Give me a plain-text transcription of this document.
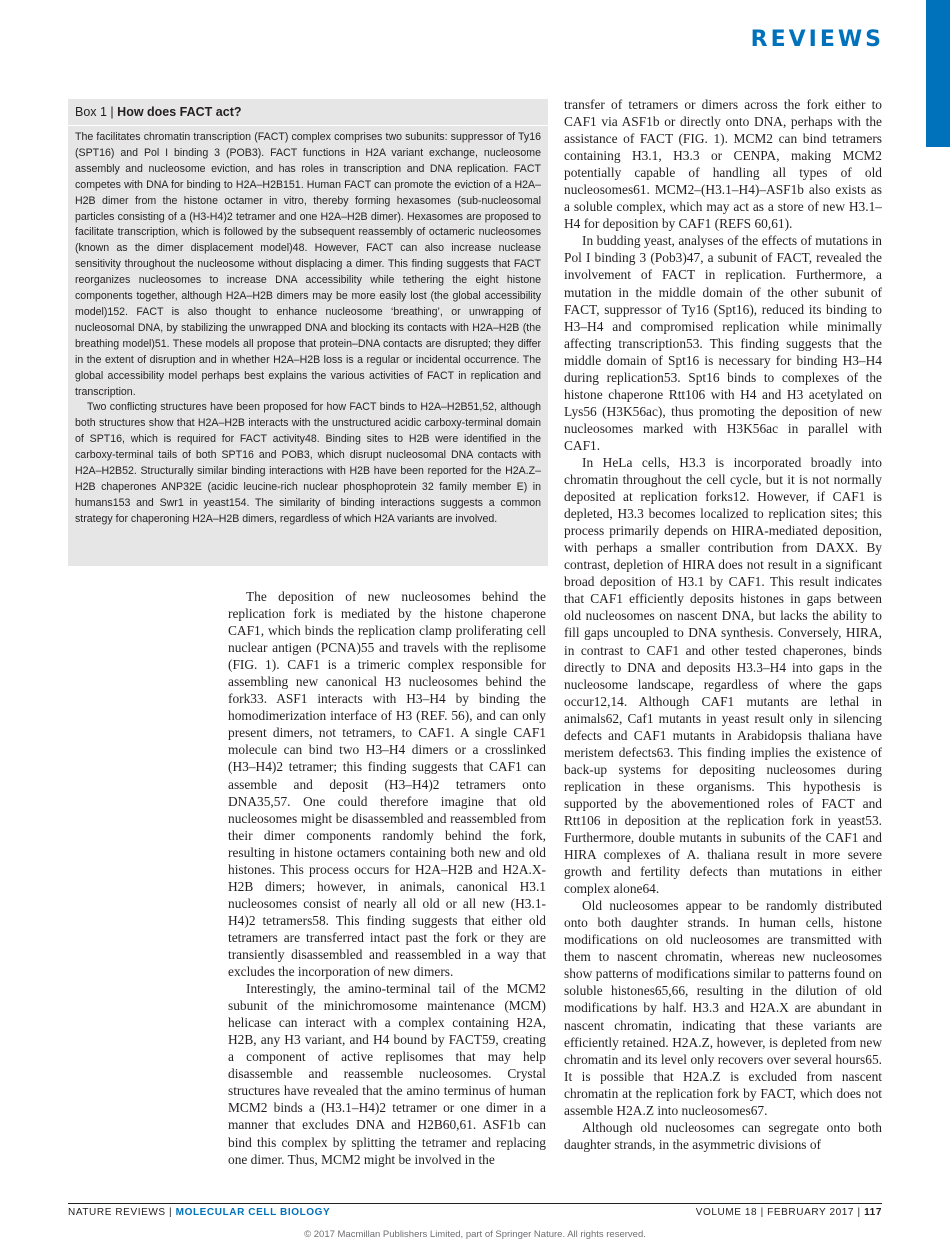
REVIEWS
Box 1 | How does FACT act?

The facilitates chromatin transcription (FACT) complex comprises two subunits: suppressor of Ty16 (SPT16) and Pol I binding 3 (POB3). FACT functions in H2A variant exchange, nucleosome assembly and nucleosome eviction, and has roles in transcription and DNA replication. FACT competes with DNA for binding to H2A–H2B151. Human FACT can promote the eviction of a H2A–H2B dimer from the histone octamer in vitro, thereby forming hexasomes (sub-nucleosomal particles consisting of a (H3-H4)2 tetramer and one H2A–H2B dimer). Hexasomes are proposed to facilitate transcription, which is followed by the subsequent reassembly of octameric nucleosomes (known as the dimer displacement model)48. However, FACT can also increase nuclease sensitivity throughout the nucleosome without displacing a dimer. This finding suggests that FACT reorganizes nucleosomes to increase DNA accessibility while tethering the eight histone components together, although H2A–H2B dimers may be more easily lost (the global accessibility model)152. FACT is also thought to enhance nucleosome ‘breathing’, or unwrapping of nucleosomal DNA, by stabilizing the unwrapped DNA and blocking its contacts with H2A–H2B (the breathing model)51. These models all propose that protein–DNA contacts are disrupted; they differ in the extent of disruption and in whether H2A–H2B loss is a regular or incidental occurrence. The global accessibility model perhaps best explains the various activities of FACT in replication and transcription.

Two conflicting structures have been proposed for how FACT binds to H2A–H2B51,52, although both structures show that H2A–H2B interacts with the unstructured acidic carboxy-terminal domain of SPT16, which is required for FACT activity48. Binding sites to H2B were identified in the carboxy-terminal tails of both SPT16 and POB3, which disrupt nucleosomal DNA contacts with H2A–H2B52. Structurally similar binding interactions with H2B have been reported for the H2A.Z–H2B chaperones ANP32E (acidic leucine-rich nuclear phosphoprotein 32 family member E) in humans153 and Swr1 in yeast154. The similarity of binding interactions suggests a common strategy for chaperoning H2A–H2B dimers, regardless of which H2A variants are involved.

The deposition of new nucleosomes behind the replication fork is mediated by the histone chaperone CAF1, which binds the replication clamp proliferating cell nuclear antigen (PCNA)55 and travels with the replisome (FIG. 1). CAF1 is a trimeric complex responsible for assembling new canonical H3 nucleosomes behind the fork33. ASF1 interacts with H3–H4 by binding the homodimerization interface of H3 (REF. 56), and can only present dimers, not tetramers, to CAF1. A single CAF1 molecule can bind two H3–H4 dimers or a crosslinked (H3–H4)2 tetramer; this finding suggests that CAF1 can assemble and deposit (H3–H4)2 tetramers onto DNA35,57. One could therefore imagine that old nucleosomes might be disassembled and reassembled from their dimer components randomly behind the fork, resulting in histone octamers containing both new and old histones. This process occurs for H2A–H2B and H2A.X-H2B dimers; however, in animals, canonical H3.1 nucleosomes consist of nearly all old or all new (H3.1-H4)2 tetramers58. This finding suggests that either old tetramers are transferred intact past the fork or they are transiently disassembled and reassembled in a way that excludes the incorporation of new dimers.

Interestingly, the amino-terminal tail of the MCM2 subunit of the minichromosome maintenance (MCM) helicase can interact with a complex containing H2A, H2B, any H3 variant, and H4 bound by FACT59, creating a component of active replisomes that may help disassemble and reassemble nucleosomes. Crystal structures have revealed that the amino terminus of human MCM2 binds a (H3.1–H4)2 tetramer or one dimer in a manner that excludes DNA and H2B60,61. ASF1b can bind this complex by splitting the tetramer and replacing one dimer. Thus, MCM2 might be involved in the

transfer of tetramers or dimers across the fork either to CAF1 via ASF1b or directly onto DNA, perhaps with the assistance of FACT (FIG. 1). MCM2 can bind tetramers containing H3.1, H3.3 or CENPA, making MCM2 potentially capable of handling all types of old nucleosomes61. MCM2–(H3.1–H4)–ASF1b also exists as a soluble complex, which may act as a store of new H3.1–H4 for deposition by CAF1 (REFS 60,61).

In budding yeast, analyses of the effects of mutations in Pol I binding 3 (Pob3)47, a subunit of FACT, revealed the involvement of FACT in replication. Furthermore, a mutation in the middle domain of the other subunit of FACT, suppressor of Ty16 (Spt16), reduced its binding to H3–H4 and compromised replication while minimally affecting transcription53. This finding suggests that the middle domain of Spt16 is necessary for binding H3–H4 during replication53. Spt16 binds to complexes of the histone chaperone Rtt106 with H4 and H3 acetylated on Lys56 (H3K56ac), thus promoting the deposition of new nucleosomes marked with H3K56ac in parallel with CAF1.

In HeLa cells, H3.3 is incorporated broadly into chromatin throughout the cell cycle, but it is not normally deposited at replication forks12. However, if CAF1 is depleted, H3.3 becomes localized to replication sites; this process primarily depends on HIRA-mediated deposition, with perhaps a smaller contribution from DAXX. By contrast, depletion of HIRA does not result in a significant broad deposition of H3.1 by CAF1. This result indicates that CAF1 efficiently deposits histones in gaps between old nucleosomes on nascent DNA, but lacks the ability to fill gaps uncoupled to DNA synthesis. Conversely, HIRA, in contrast to CAF1 and other tested chaperones, binds directly to DNA and deposits H3.3–H4 into gaps in the nucleosome landscape, regardless of where the gaps occur12,14. Although CAF1 mutants are lethal in animals62, Caf1 mutants in yeast result only in silencing defects and CAF1 mutants in Arabidopsis thaliana have meristem defects63. This finding implies the existence of back-up systems for depositing nucleosomes during replication in these organisms. This hypothesis is supported by the abovementioned roles of FACT and Rtt106 in deposition at the replication fork in yeast53. Furthermore, double mutants in subunits of the CAF1 and HIRA complexes of A. thaliana result in more severe growth and fertility defects than mutations in either complex alone64.

Old nucleosomes appear to be randomly distributed onto both daughter strands. In human cells, histone modifications on old nucleosomes are transmitted with them to nascent chromatin, whereas new nucleosomes show patterns of modifications similar to patterns found on soluble histones65,66, resulting in the dilution of old modifications by half. H3.3 and H2A.X are abundant in nascent chromatin, indicating that these variants are efficiently retained. H2A.Z, however, is depleted from new chromatin and its level only recovers over several hours65. It is possible that H2A.Z is excluded from nascent chromatin at the replication fork by FACT, which does not assemble H2A.Z into nucleosomes67.

Although old nucleosomes can segregate onto both daughter strands, in the asymmetric divisions of

NATURE REVIEWS | MOLECULAR CELL BIOLOGY	VOLUME 18 | FEBRUARY 2017 | 117
© 2017 Macmillan Publishers Limited, part of Springer Nature. All rights reserved.
